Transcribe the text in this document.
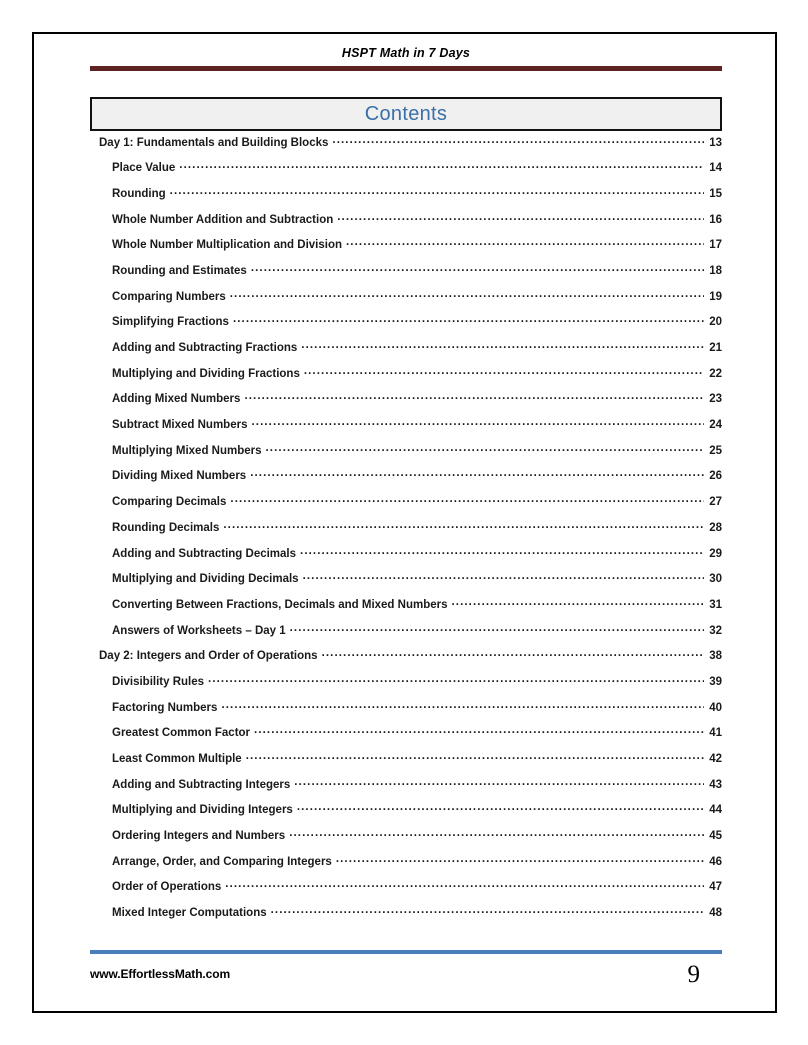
HSPT Math in 7 Days
Contents
Day 1: Fundamentals and Building Blocks .....	13
Place Value .....	14
Rounding .....	15
Whole Number Addition and Subtraction .....	16
Whole Number Multiplication and Division .....	17
Rounding and Estimates .....	18
Comparing Numbers .....	19
Simplifying Fractions .....	20
Adding and Subtracting Fractions .....	21
Multiplying and Dividing Fractions .....	22
Adding Mixed Numbers .....	23
Subtract Mixed Numbers .....	24
Multiplying Mixed Numbers .....	25
Dividing Mixed Numbers .....	26
Comparing Decimals .....	27
Rounding Decimals .....	28
Adding and Subtracting Decimals .....	29
Multiplying and Dividing Decimals .....	30
Converting Between Fractions, Decimals and Mixed Numbers .....	31
Answers of Worksheets – Day 1 .....	32
Day 2: Integers and Order of Operations .....	38
Divisibility Rules .....	39
Factoring Numbers .....	40
Greatest Common Factor .....	41
Least Common Multiple .....	42
Adding and Subtracting Integers .....	43
Multiplying and Dividing Integers .....	44
Ordering Integers and Numbers .....	45
Arrange, Order, and Comparing Integers .....	46
Order of Operations .....	47
Mixed Integer Computations .....	48
www.EffortlessMath.com	9
